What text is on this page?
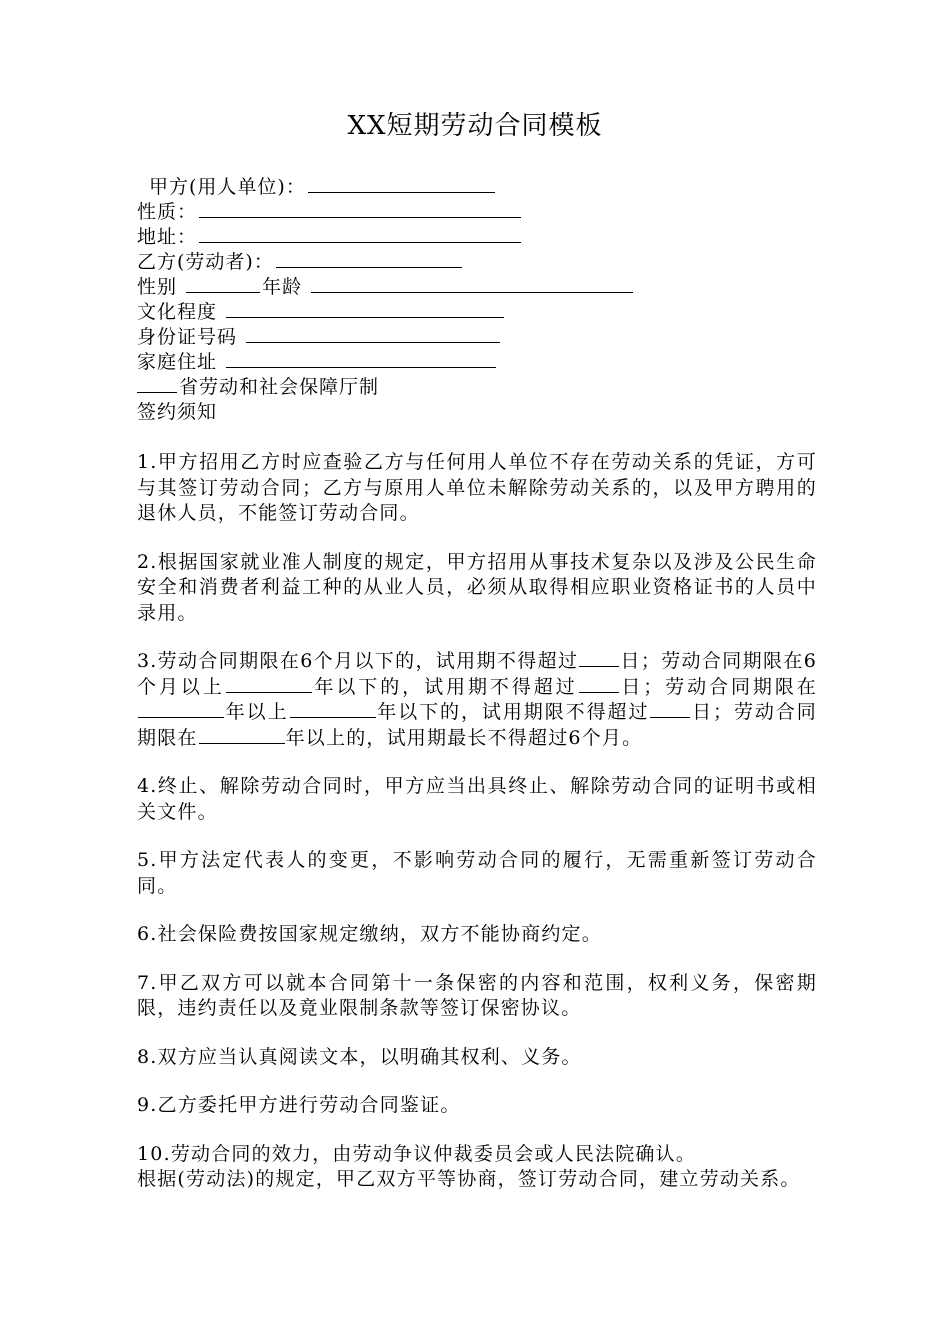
XX短期劳动合同模板
甲方(用人单位)：
性质：
地址：
乙方(劳动者)：
性别	年龄
文化程度
身份证号码
家庭住址
省劳动和社会保障厅制
签约须知

1.甲方招用乙方时应查验乙方与任何用人单位不存在劳动关系的凭证，方可与其签订劳动合同；乙方与原用人单位未解除劳动关系的，以及甲方聘用的退休人员，不能签订劳动合同。

2.根据国家就业准人制度的规定，甲方招用从事技术复杂以及涉及公民生命安全和消费者利益工种的从业人员，必须从取得相应职业资格证书的人员中录用。

3.劳动合同期限在6个月以下的，试用期不得超过 日；劳动合同期限在6个月以上	年以下的，试用期不得超过 日；劳动合同期限在年以上	年以下的，试用期限不得超过 日；劳动合同期限在	年以上的，试用期最长不得超过6个月。

4.终止、解除劳动合同时，甲方应当出具终止、解除劳动合同的证明书或相关文件。

5.甲方法定代表人的变更，不影响劳动合同的履行，无需重新签订劳动合同。

6.社会保险费按国家规定缴纳，双方不能协商约定。

7.甲乙双方可以就本合同第十一条保密的内容和范围，权利义务，保密期限，违约责任以及竟业限制条款等签订保密协议。

8.双方应当认真阅读文本，以明确其权利、义务。

9.乙方委托甲方进行劳动合同鉴证。

10.劳动合同的效力，由劳动争议仲裁委员会或人民法院确认。

根据(劳动法)的规定，甲乙双方平等协商，签订劳动合同，建立劳动关系。
